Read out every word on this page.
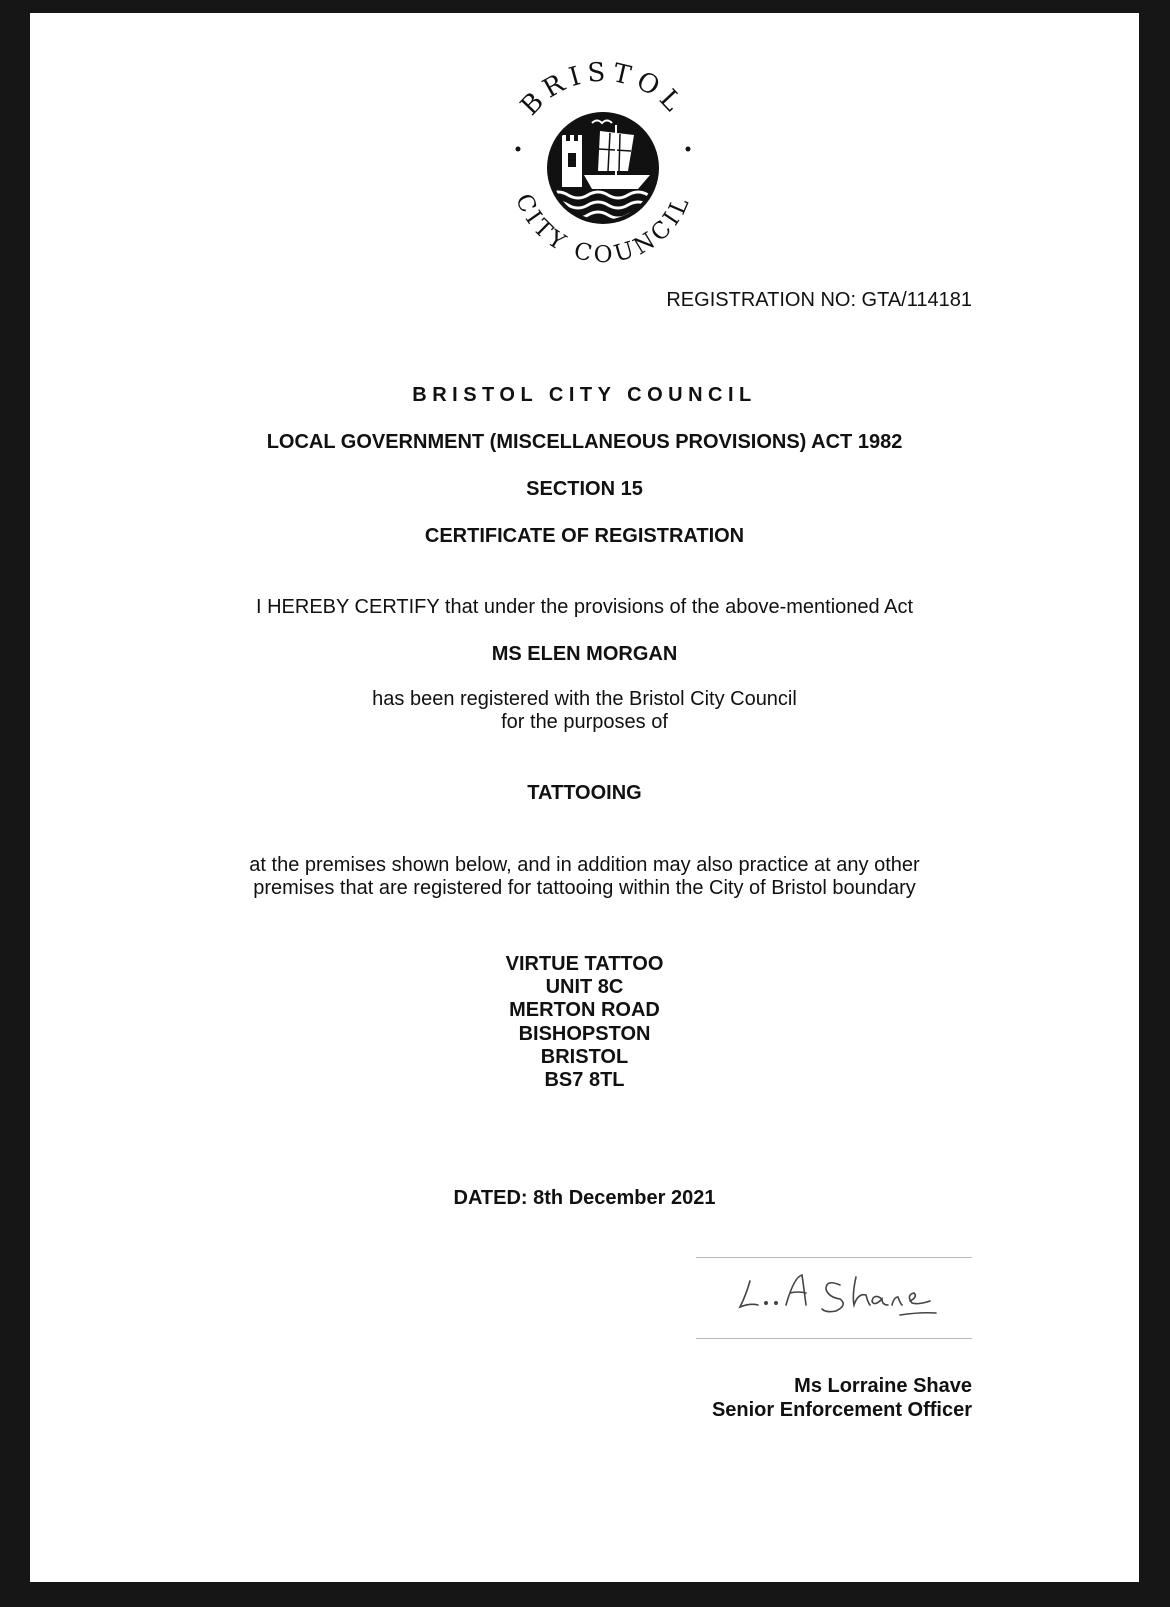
BRISTOL
CITY COUNCIL
REGISTRATION NO: GTA/114181
BRISTOL CITY COUNCIL
LOCAL GOVERNMENT (MISCELLANEOUS PROVISIONS) ACT 1982
SECTION 15
CERTIFICATE OF REGISTRATION
I HEREBY CERTIFY that under the provisions of the above-mentioned Act
MS ELEN MORGAN
has been registered with the Bristol City Council
for the purposes of
TATTOOING
at the premises shown below, and in addition may also practice at any other
premises that are registered for tattooing within the City of Bristol boundary
VIRTUE TATTOO
UNIT 8C
MERTON ROAD
BISHOPSTON
BRISTOL
BS7 8TL
DATED: 8th December 2021
Ms Lorraine Shave
Senior Enforcement Officer
